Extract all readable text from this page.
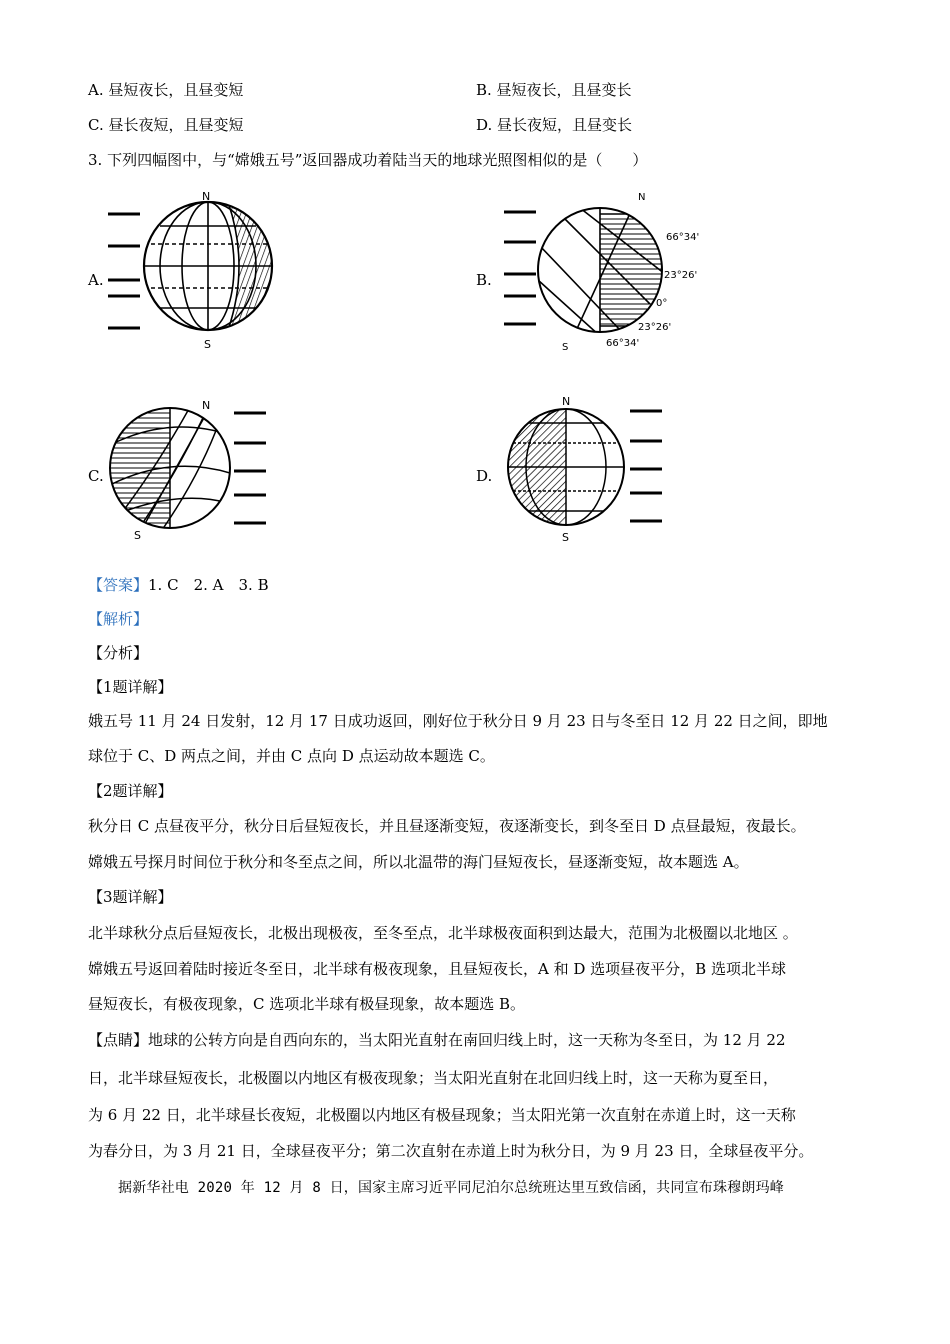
A. 昼短夜长，且昼变短	B. 昼短夜长，且昼变长
C. 昼长夜短，且昼变短	D. 昼长夜短，且昼变长
3. 下列四幅图中，与“嫦娥五号”返回器成功着陆当天的地球光照图相似的是（　　）
A.
N
S
B.
N
S
66°34'
23°26'
0°
23°26'
66°34'
C.
N
S
D.
N
S
【答案】1. C　2. A　3. B
【解析】
【分析】
【1题详解】
娥五号 11 月 24 日发射，12 月 17 日成功返回，刚好位于秋分日 9 月 23 日与冬至日 12 月 22 日之间，即地
球位于 C、D 两点之间，并由 C 点向 D 点运动故本题选 C。
【2题详解】
秋分日 C 点昼夜平分，秋分日后昼短夜长，并且昼逐渐变短，夜逐渐变长，到冬至日 D 点昼最短，夜最长。
嫦娥五号探月时间位于秋分和冬至点之间，所以北温带的海门昼短夜长，昼逐渐变短，故本题选 A。
【3题详解】
北半球秋分点后昼短夜长，北极出现极夜，至冬至点，北半球极夜面积到达最大，范围为北极圈以北地区 。
嫦娥五号返回着陆时接近冬至日，北半球有极夜现象，且昼短夜长，A 和 D 选项昼夜平分，B 选项北半球
昼短夜长，有极夜现象，C 选项北半球有极昼现象，故本题选 B。
【点睛】地球的公转方向是自西向东的，当太阳光直射在南回归线上时，这一天称为冬至日，为 12 月 22
日，北半球昼短夜长，北极圈以内地区有极夜现象；当太阳光直射在北回归线上时，这一天称为夏至日，
为 6 月 22 日，北半球昼长夜短，北极圈以内地区有极昼现象；当太阳光第一次直射在赤道上时，这一天称
为春分日，为 3 月 21 日，全球昼夜平分；第二次直射在赤道上时为秋分日，为 9 月 23 日，全球昼夜平分。
据新华社电 2020 年 12 月 8 日，国家主席习近平同尼泊尔总统班达里互致信函，共同宣布珠穆朗玛峰
